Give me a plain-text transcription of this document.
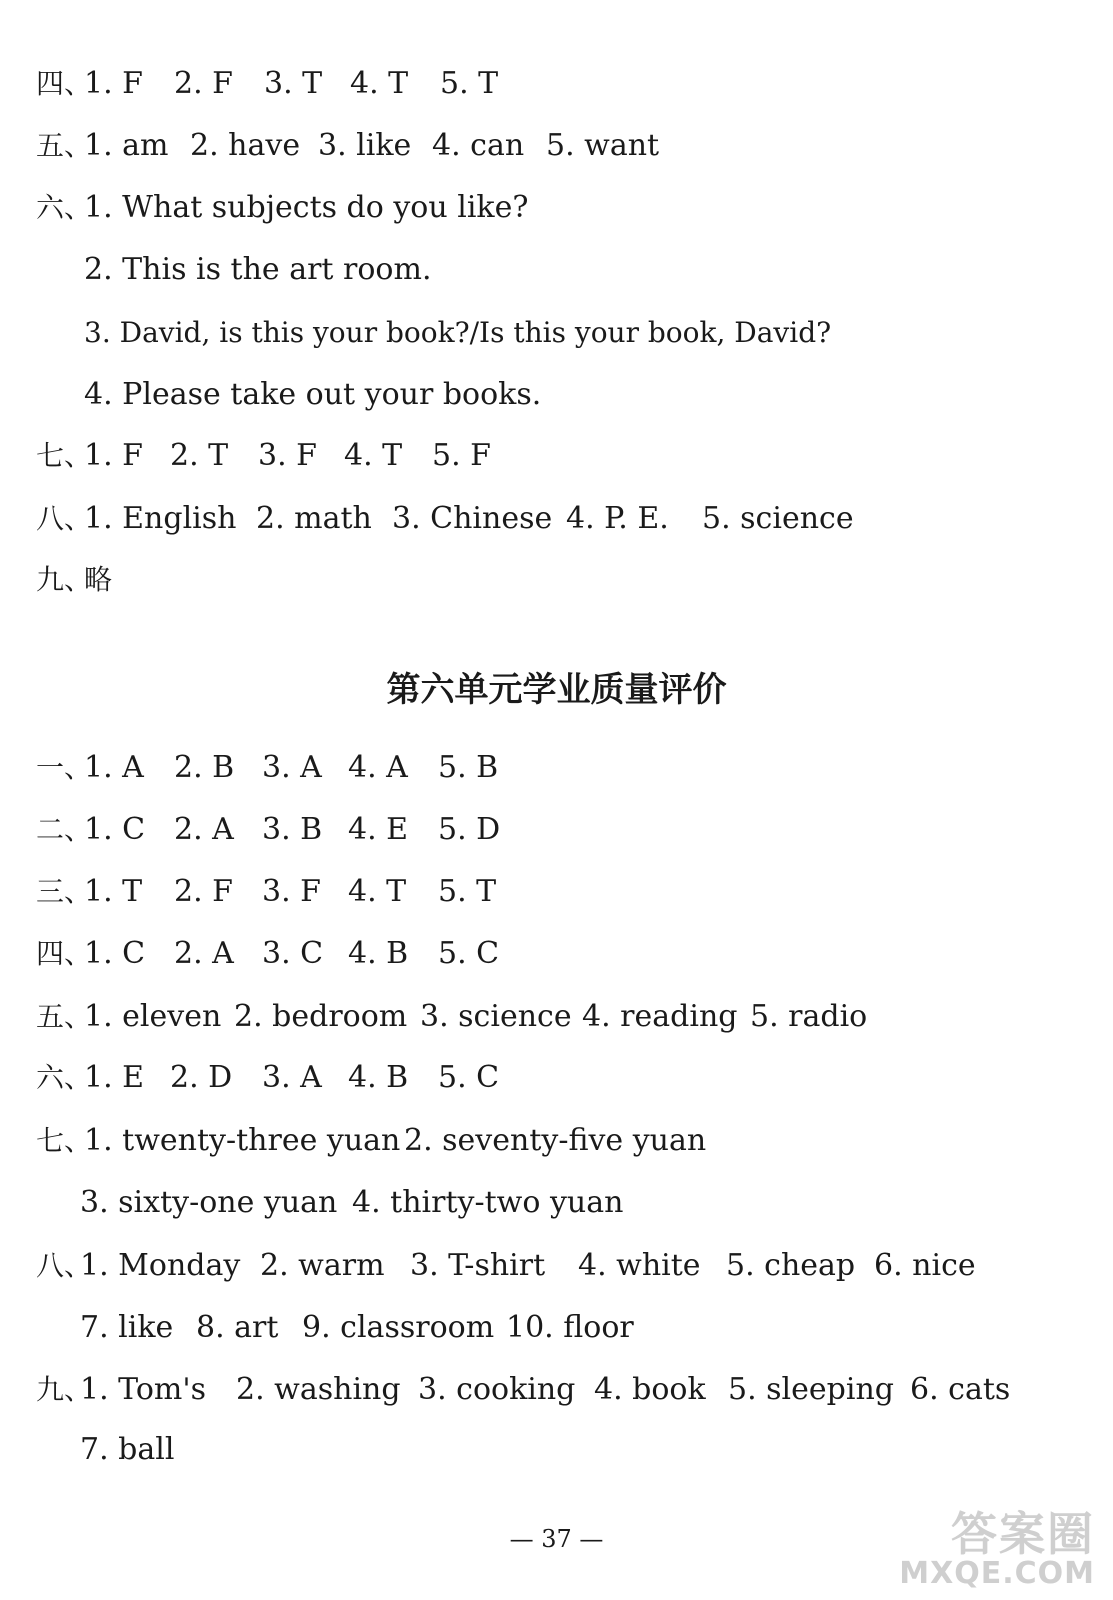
四、
1. F 2. F 3. T 4. T 5. T
五、
1. am 2. have 3. like 4. can 5. want
六、
1. What subjects do you like?
2. This is the art room.
3. David, is this your book?/Is this your book, David?
4. Please take out your books.
七、
1. F 2. T 3. F 4. T 5. F
八、
1. English 2. math 3. Chinese 4. P. E. 5. science
九、
略
第六单元学业质量评价
一、
1. A 2. B 3. A 4. A 5. B
二、
1. C 2. A 3. B 4. E 5. D
三、
1. T 2. F 3. F 4. T 5. T
四、
1. C 2. A 3. C 4. B 5. C
五、
1. eleven 2. bedroom 3. science 4. reading 5. radio
六、
1. E 2. D 3. A 4. B 5. C
七、
1. twenty-three yuan 2. seventy-five yuan
3. sixty-one yuan 4. thirty-two yuan
八、
1. Monday 2. warm 3. T-shirt 4. white 5. cheap 6. nice
7. like 8. art 9. classroom 10. floor
九、
1. Tom's 2. washing 3. cooking 4. book 5. sleeping 6. cats
7. ball
— 37 —	答案圈
MXQE.COM
